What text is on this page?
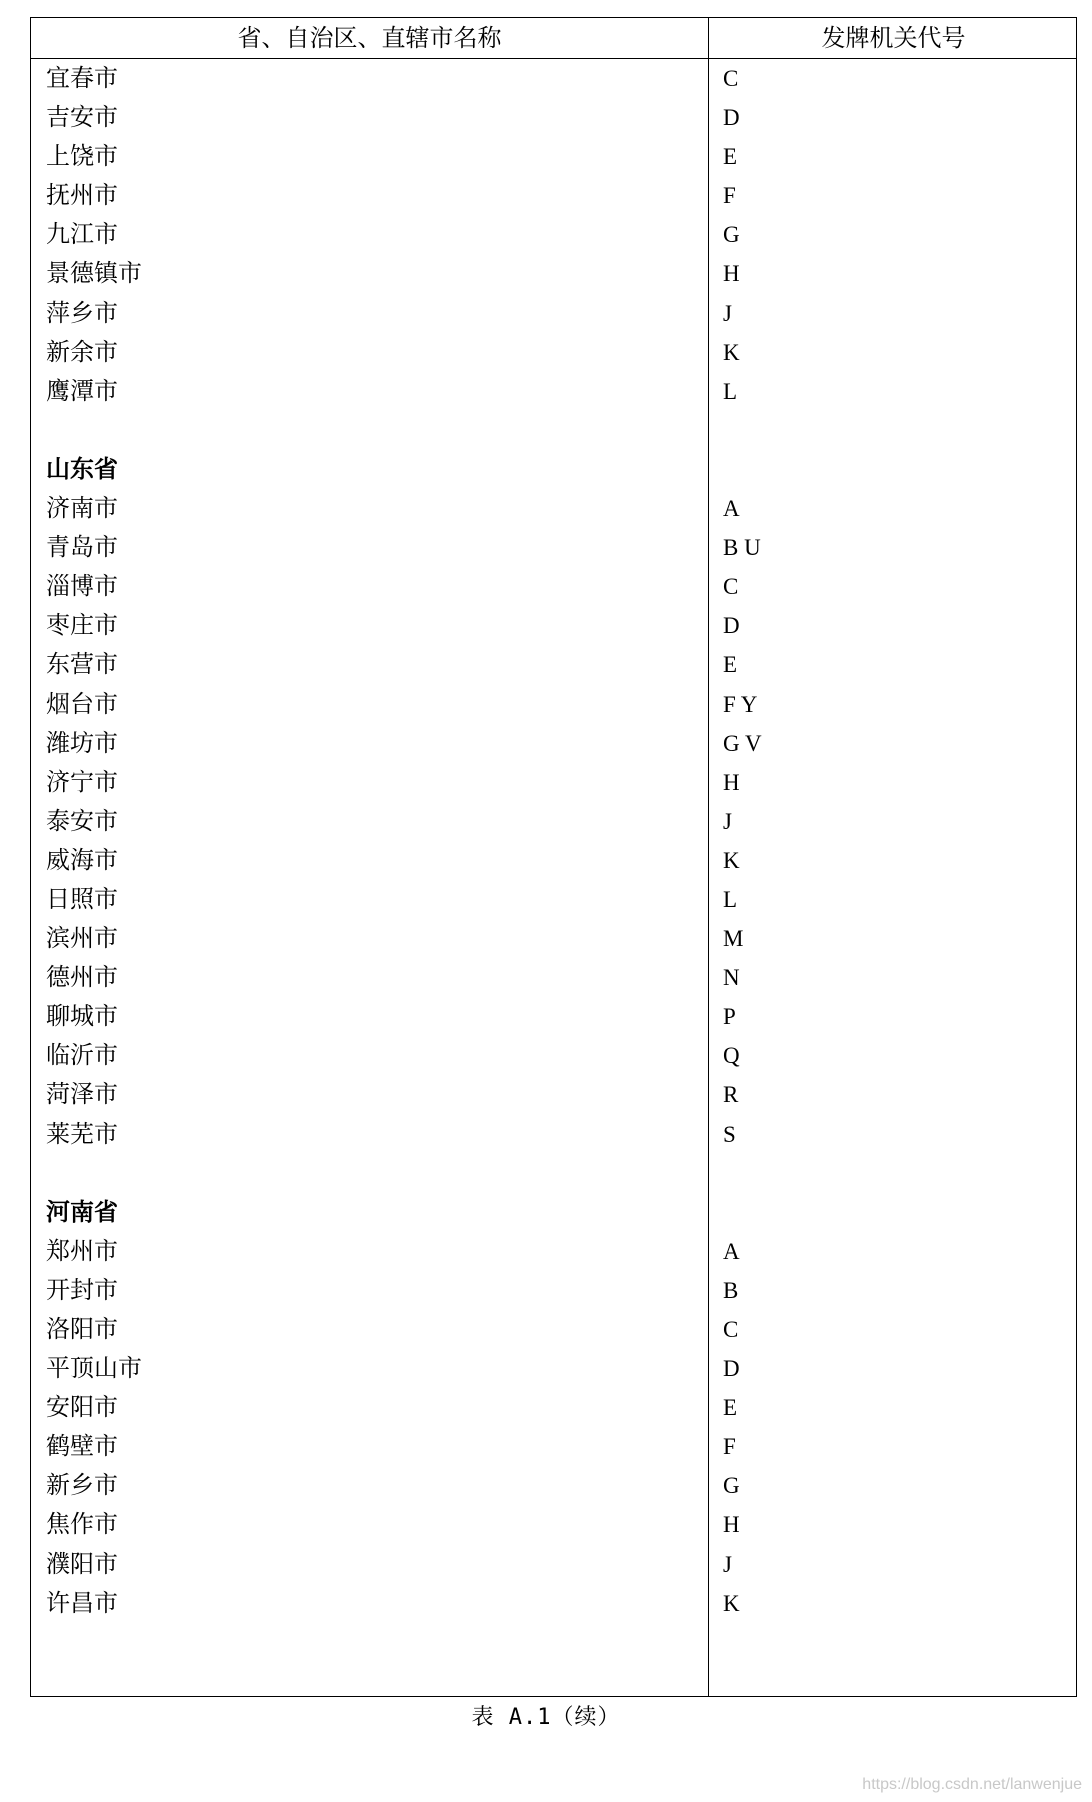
省、自治区、直辖市名称	发牌机关代号
宜春市	C
吉安市	D
上饶市	E
抚州市	F
九江市	G
景德镇市	H
萍乡市	J
新余市	K
鹰潭市	L
山东省
济南市	A
青岛市	B U
淄博市	C
枣庄市	D
东营市	E
烟台市	F Y
潍坊市	G V
济宁市	H
泰安市	J
威海市	K
日照市	L
滨州市	M
德州市	N
聊城市	P
临沂市	Q
菏泽市	R
莱芜市	S
河南省
郑州市	A
开封市	B
洛阳市	C
平顶山市	D
安阳市	E
鹤壁市	F
新乡市	G
焦作市	H
濮阳市	J
许昌市	K
表 A.1（续）
https://blog.csdn.net/lanwenjue
